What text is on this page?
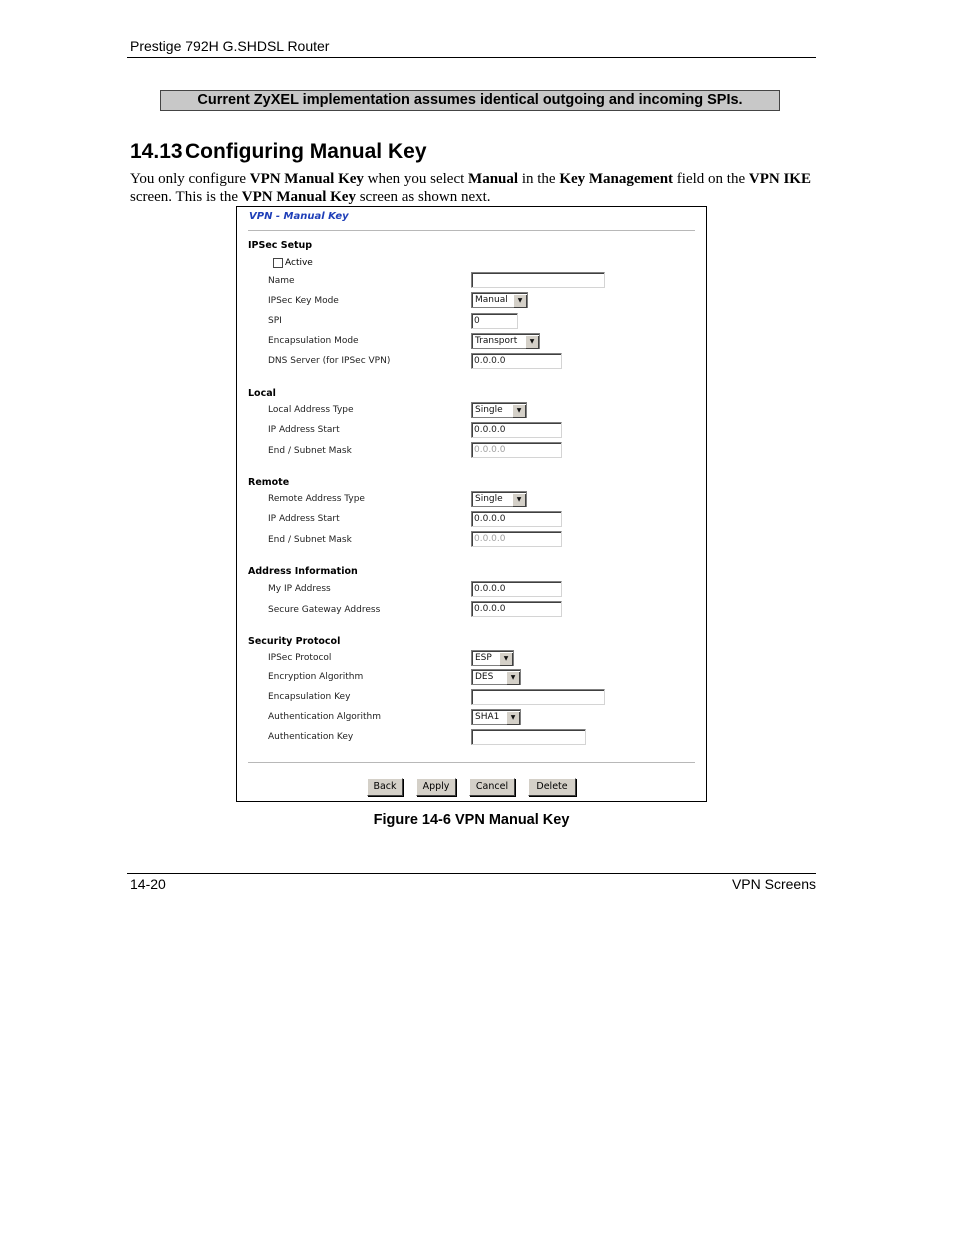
Prestige 792H G.SHDSL Router
Current ZyXEL implementation assumes identical outgoing and incoming SPIs.
14.13 Configuring Manual Key
You only configure VPN Manual Key when you select Manual in the Key Management field on the VPN IKE screen. This is the VPN Manual Key screen as shown next.
VPN - Manual Key
IPSec Setup
Active
Name
IPSec Key Mode	Manual	▼
SPI	0
Encapsulation Mode	Transport	▼
DNS Server (for IPSec VPN)	0.0.0.0
Local
Local Address Type	Single	▼
IP Address Start	0.0.0.0
End / Subnet Mask	0.0.0.0
Remote
Remote Address Type	Single	▼
IP Address Start	0.0.0.0
End / Subnet Mask	0.0.0.0
Address Information
My IP Address	0.0.0.0
Secure Gateway Address	0.0.0.0
Security Protocol
IPSec Protocol	ESP	▼
Encryption Algorithm	DES	▼
Encapsulation Key
Authentication Algorithm	SHA1	▼
Authentication Key
Back	Apply	Cancel	Delete
Figure 14-6 VPN Manual Key
14-20	VPN Screens
